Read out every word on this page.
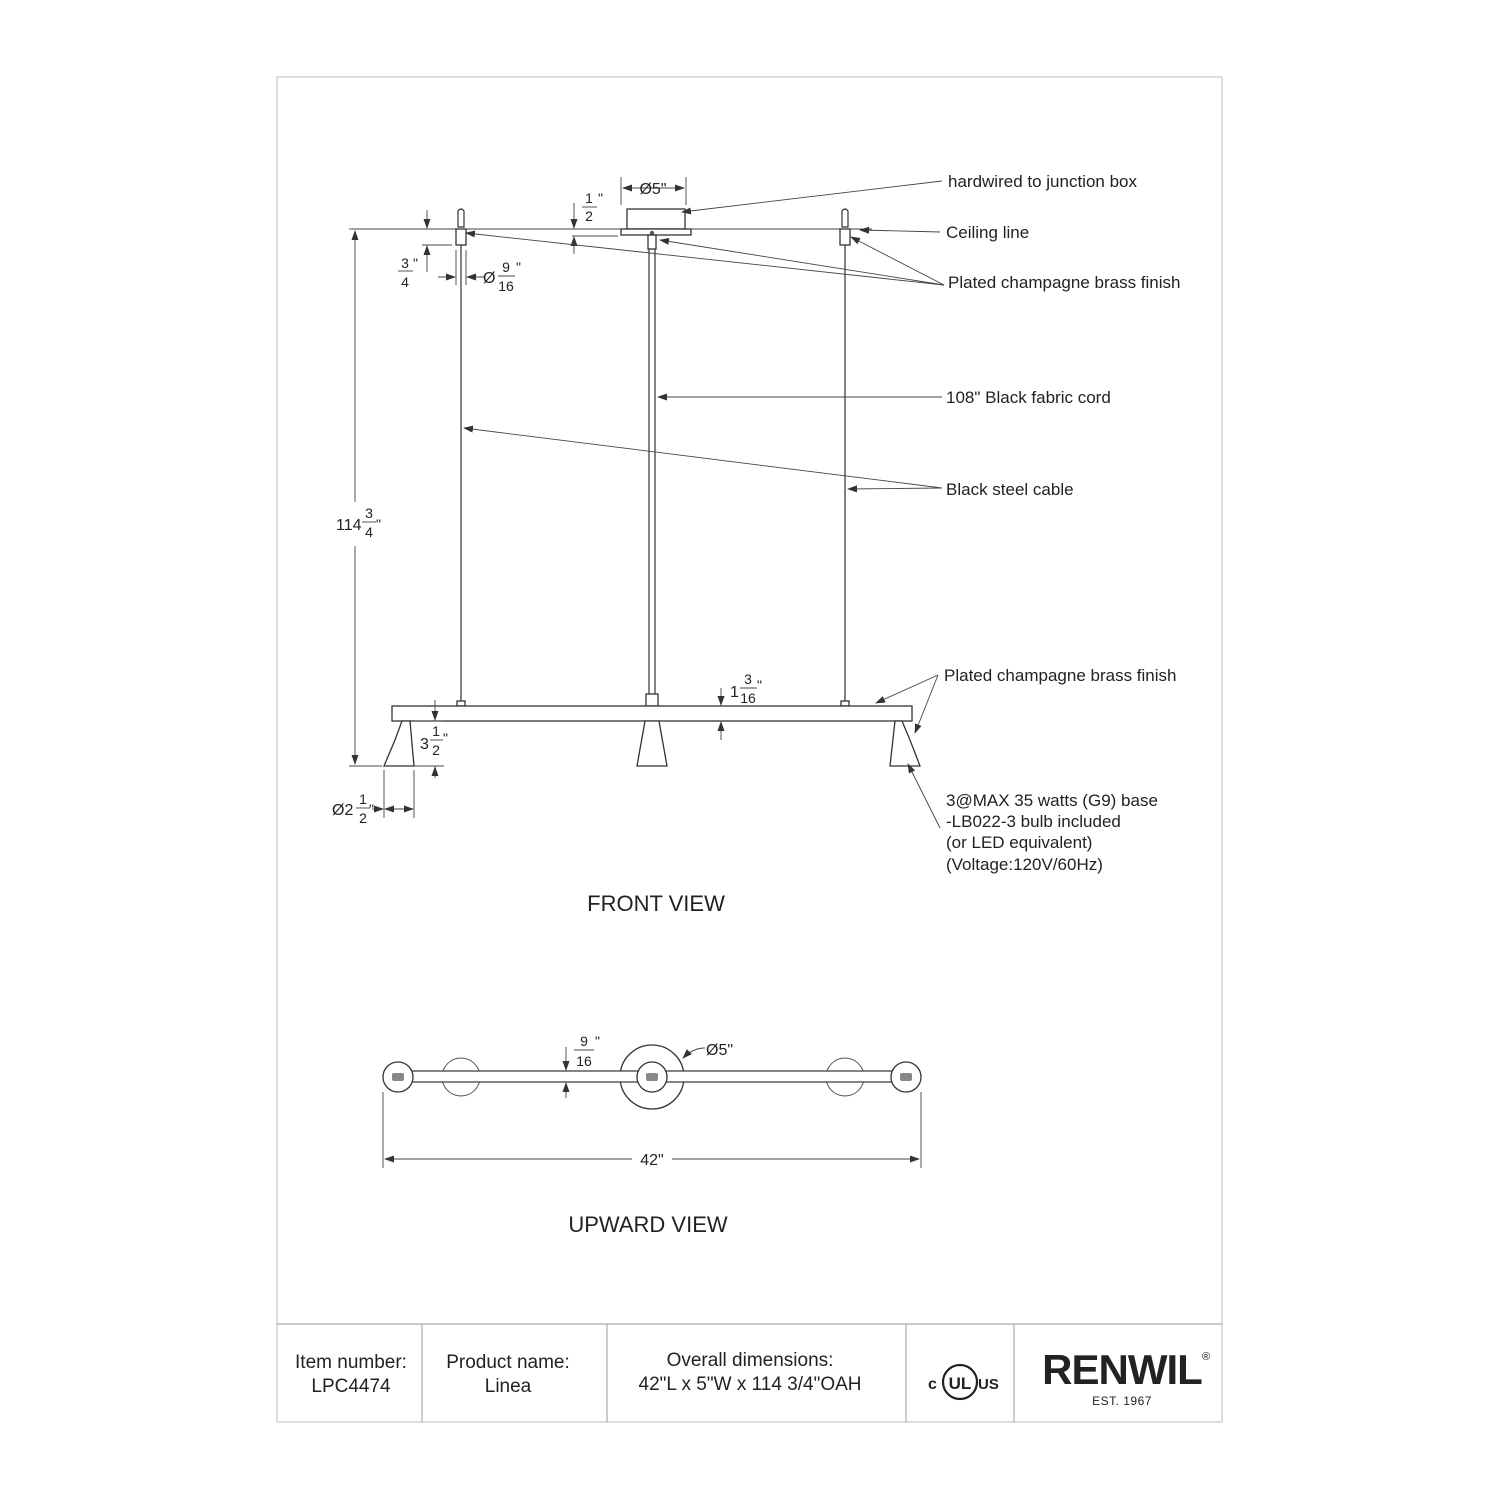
Ø5"
1
2
"
3
4
"
Ø
9
16
"
114
3
4 "
1
3
16
"
3
1
2
"
Ø2
1
2
"
hardwired to junction box
Ceiling line
Plated champagne brass finish
108" Black fabric cord
Black steel cable
Plated champagne brass finish
3@MAX 35 watts (G9) base
-LB022-3 bulb included
(or LED equivalent)
(Voltage:120V/60Hz)
FRONT VIEW
9
16
"
Ø5"
42"
UPWARD VIEW
Item number:
LPC4474
Product name:
Linea
Overall dimensions:
42"L x 5"W x 114 3/4"OAH	c UL US RENWIL ®
EST. 1967
